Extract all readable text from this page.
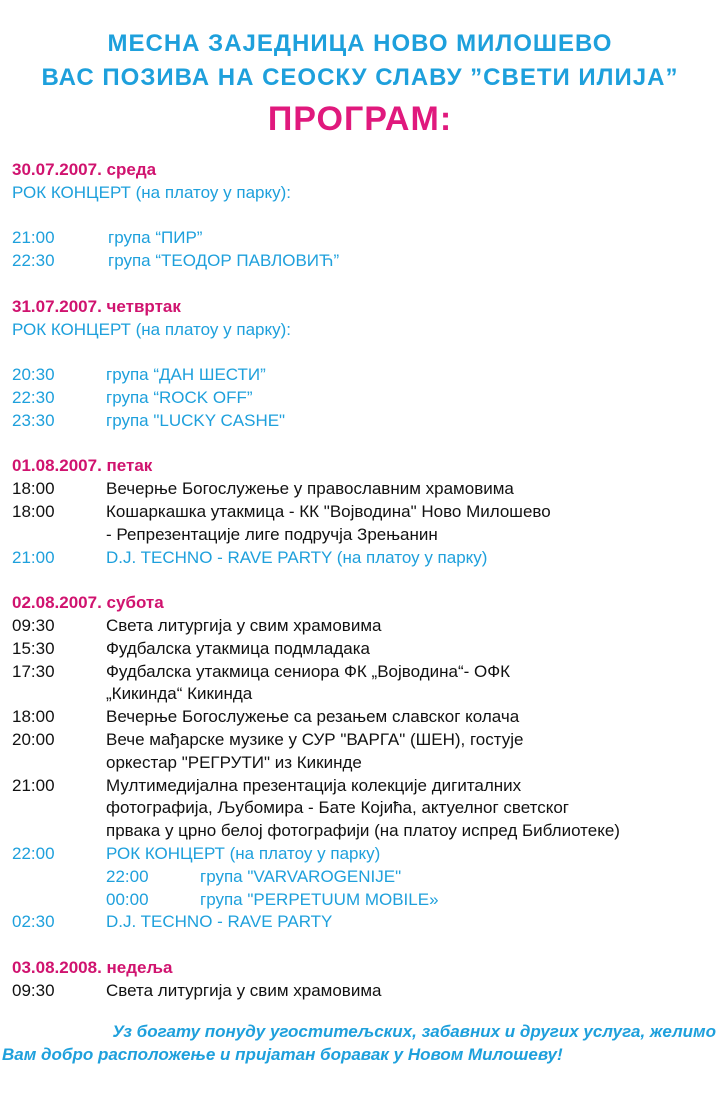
МЕСНА ЗАЈЕДНИЦА НОВО МИЛОШЕВО
ВАС ПОЗИВА НА СЕОСКУ СЛАВУ ”СВЕТИ ИЛИЈА”
ПРОГРАМ:
30.07.2007. среда
РОК КОНЦЕРТ (на платоу у парку):
21:00	група “ПИР”
22:30	група “ТЕОДОР ПАВЛОВИЋ”
31.07.2007. четвртак
РОК КОНЦЕРТ (на платоу у парку):
20:30	група “ДАН ШЕСТИ”
22:30	група “ROCK OFF”
23:30	група "LUCKY CASHE"
01.08.2007. петак
18:00	Вечерње Богослужење у православним храмовима
18:00	Кошаркашка утакмица - КК "Војводина" Ново Милошево
- Репрезентације лиге подручја Зрењанин
21:00	D.J. TECHNO - RAVE PARTY (на платоу у парку)
02.08.2007. субота
09:30	Света литургија у свим храмовима
15:30	Фудбалска утакмица подмладака
17:30	Фудбалска утакмица сениора ФК „Војводина“- ОФК
„Кикинда“ Кикинда
18:00	Вечерње Богослужење са резањем славског колача
20:00	Вече мађарске музике у СУР "ВАРГА" (ШЕН), гостује
оркестар "РЕГРУТИ" из Кикинде
21:00	Мултимедијална презентација колекције дигиталних
фотографија, Љубомира - Бате Којића, актуелног светског
првака у црно белој фотографији (на платоу испред Библиотеке)
22:00	РОК КОНЦЕРТ (на платоу у парку)
22:00	група "VARVAROGENIJE"
00:00	група "PERPETUUM MOBILE»
02:30	D.J. TECHNO - RAVE PARTY
03.08.2008. недеља
09:30	Света литургија у свим храмовима
Уз богату понуду угоститељских, забавних и других услуга, желимо
Вам добро расположење и пријатан боравак у Новом Милошеву!
